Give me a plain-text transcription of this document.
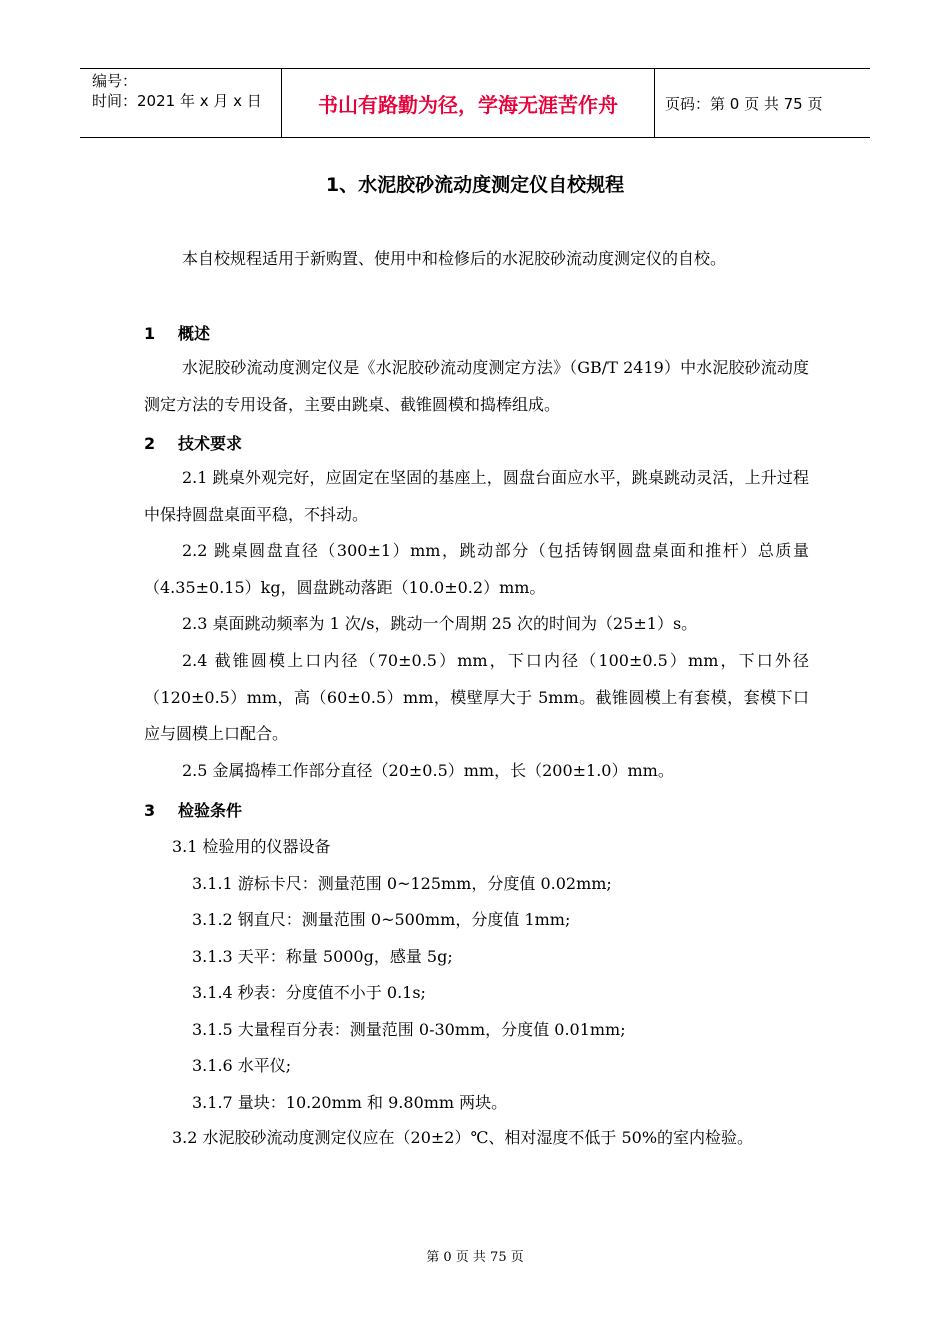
编号：
时间：2021 年 x 月 x 日	书山有路勤为径，学海无涯苦作舟	页码：第 0 页 共 75 页
1、水泥胶砂流动度测定仪自校规程
本自校规程适用于新购置、使用中和检修后的水泥胶砂流动度测定仪的自校。
1 概述
水泥胶砂流动度测定仪是《水泥胶砂流动度测定方法》（GB/T 2419）中水泥胶砂流动度测定方法的专用设备，主要由跳桌、截锥圆模和捣棒组成。
2 技术要求
2.1 跳桌外观完好，应固定在坚固的基座上，圆盘台面应水平，跳桌跳动灵活，上升过程中保持圆盘桌面平稳，不抖动。
2.2 跳桌圆盘直径（300±1）mm，跳动部分（包括铸钢圆盘桌面和推杆）总质量（4.35±0.15）kg，圆盘跳动落距（10.0±0.2）mm。
2.3 桌面跳动频率为 1 次/s，跳动一个周期 25 次的时间为（25±1）s。
2.4 截锥圆模上口内径（70±0.5）mm，下口内径（100±0.5）mm，下口外径（120±0.5）mm，高（60±0.5）mm，模壁厚大于 5mm。截锥圆模上有套模，套模下口应与圆模上口配合。
2.5 金属捣棒工作部分直径（20±0.5）mm，长（200±1.0）mm。
3 检验条件
3.1 检验用的仪器设备
3.1.1 游标卡尺：测量范围 0~125mm，分度值 0.02mm;
3.1.2 钢直尺：测量范围 0~500mm，分度值 1mm;
3.1.3 天平：称量 5000g，感量 5g;
3.1.4 秒表：分度值不小于 0.1s;
3.1.5 大量程百分表：测量范围 0-30mm，分度值 0.01mm;
3.1.6 水平仪;
3.1.7 量块：10.20mm 和 9.80mm 两块。
3.2 水泥胶砂流动度测定仪应在（20±2）℃、相对湿度不低于 50%的室内检验。
第 0 页 共 75 页
